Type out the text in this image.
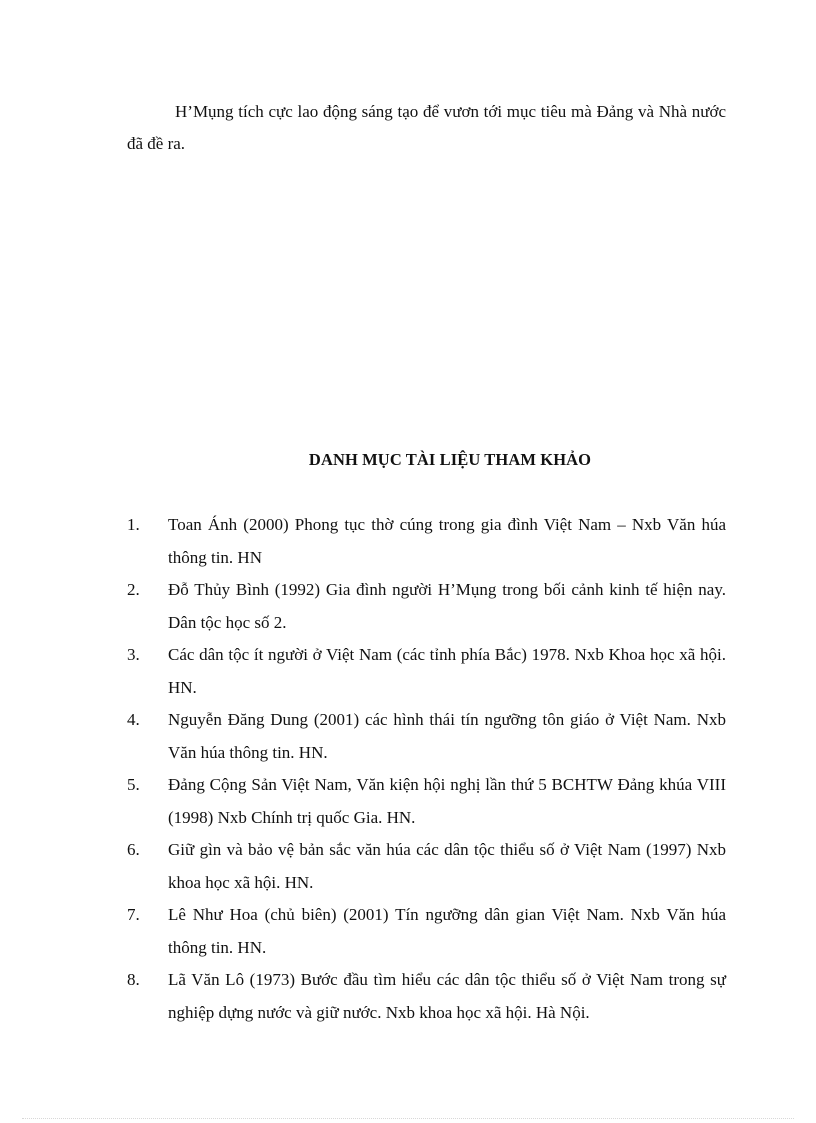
H’Mụng tích cực lao động sáng tạo để vươn tới mục tiêu mà Đảng và Nhà nước đã đề ra.

DANH MỤC TÀI LIỆU THAM KHẢO
1. Toan Ánh (2000) Phong tục thờ cúng trong gia đình Việt Nam – Nxb Văn húa thông tin. HN
2. Đỗ Thủy Bình (1992) Gia đình người H’Mụng trong bối cảnh kinh tế hiện nay. Dân tộc học số 2.
3. Các dân tộc ít người ở Việt Nam (các tỉnh phía Bắc) 1978. Nxb Khoa học xã hội. HN.
4. Nguyễn Đăng Dung (2001) các hình thái tín ngưỡng tôn giáo ở Việt Nam. Nxb Văn húa thông tin. HN.
5. Đảng Cộng Sản Việt Nam, Văn kiện hội nghị lần thứ 5 BCHTW Đảng khúa VIII (1998) Nxb Chính trị quốc Gia. HN.
6. Giữ gìn và bảo vệ bản sắc văn húa các dân tộc thiểu số ở Việt Nam (1997) Nxb khoa học xã hội. HN.
7. Lê Như Hoa (chủ biên) (2001) Tín ngưỡng dân gian Việt Nam. Nxb Văn húa thông tin. HN.
8. Lã Văn Lô (1973) Bước đầu tìm hiểu các dân tộc thiểu số ở Việt Nam trong sự nghiệp dựng nước và giữ nước. Nxb khoa học xã hội. Hà Nội.
